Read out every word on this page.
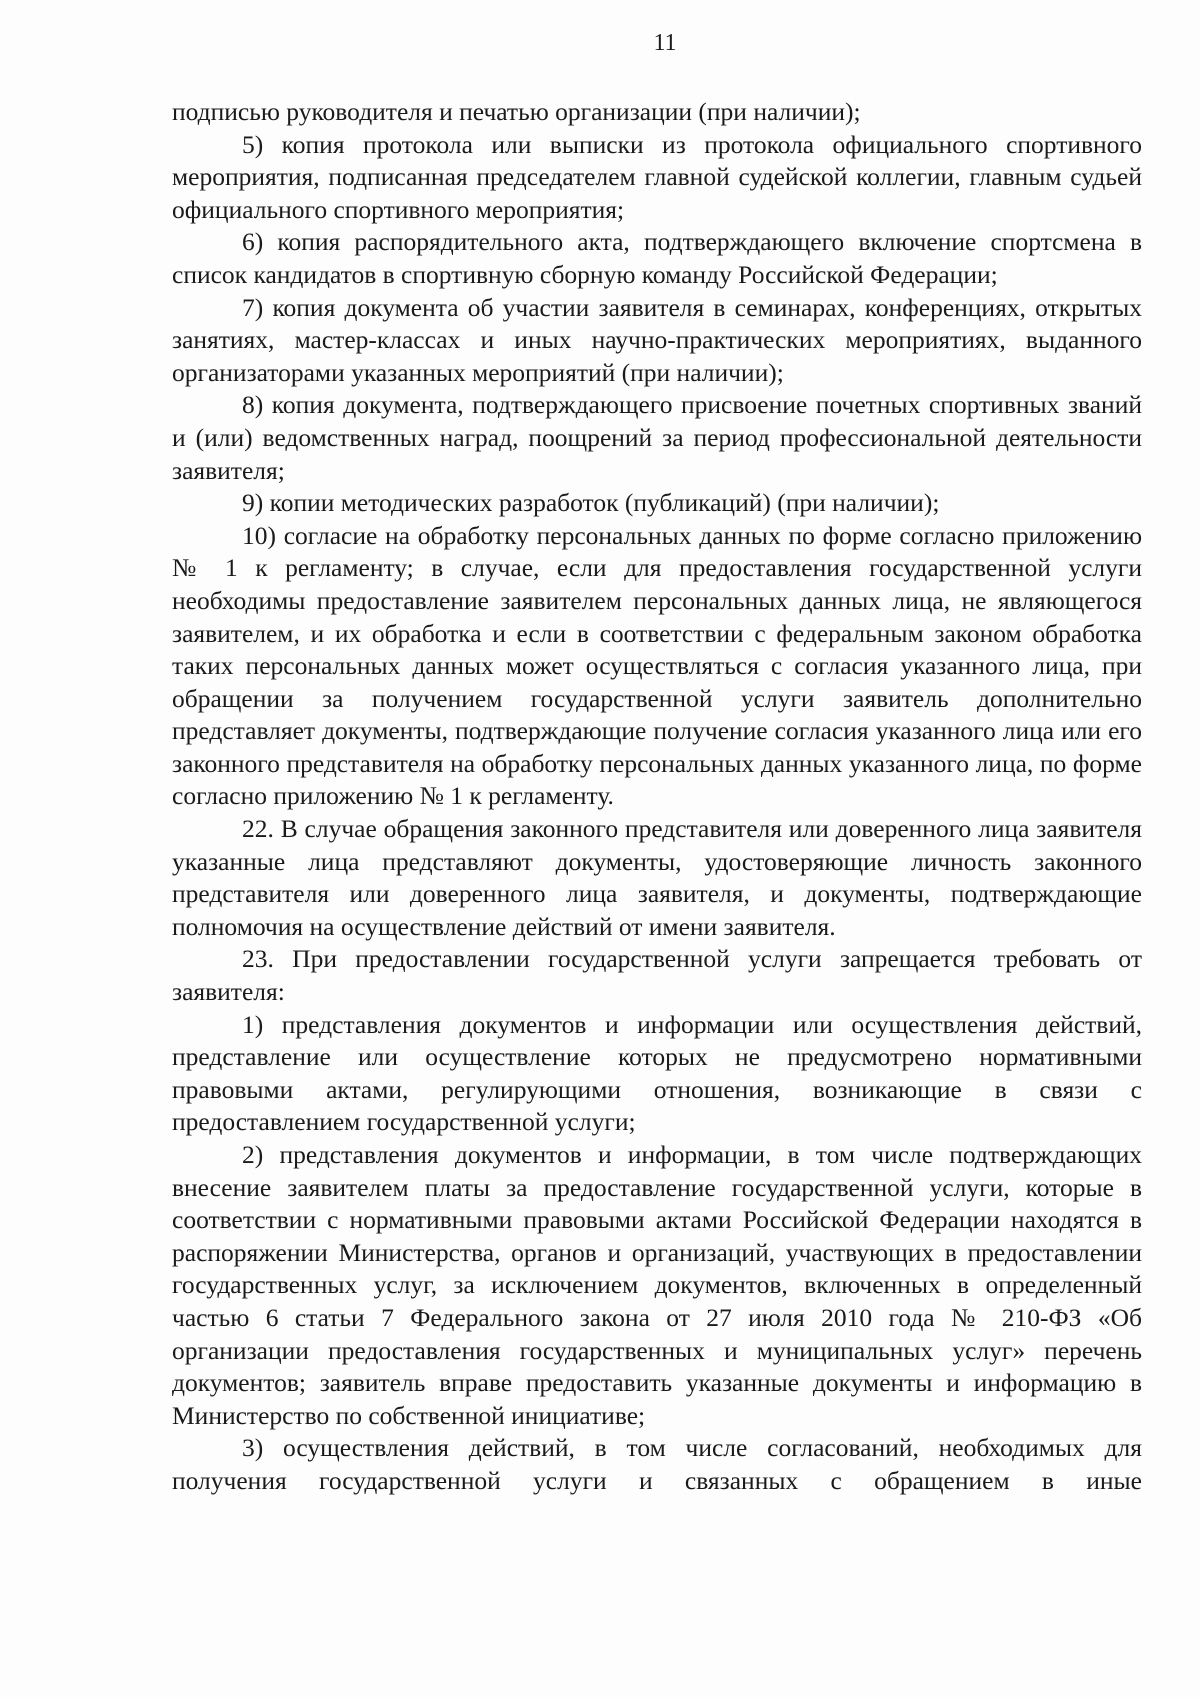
11

подписью руководителя и печатью организации (при наличии);

5) копия протокола или выписки из протокола официального спортивного мероприятия, подписанная председателем главной судейской коллегии, главным судьей официального спортивного мероприятия;

6) копия распорядительного акта, подтверждающего включение спортсмена в список кандидатов в спортивную сборную команду Российской Федерации;

7) копия документа об участии заявителя в семинарах, конференциях, открытых занятиях, мастер-классах и иных научно-практических мероприятиях, выданного организаторами указанных мероприятий (при наличии);

8) копия документа, подтверждающего присвоение почетных спортивных званий и (или) ведомственных наград, поощрений за период профессиональной деятельности заявителя;

9) копии методических разработок (публикаций) (при наличии);

10) согласие на обработку персональных данных по форме согласно приложению № 1 к регламенту; в случае, если для предоставления государственной услуги необходимы предоставление заявителем персональных данных лица, не являющегося заявителем, и их обработка и если в соответствии с федеральным законом обработка таких персональных данных может осуществляться с согласия указанного лица, при обращении за получением государственной услуги заявитель дополнительно представляет документы, подтверждающие получение согласия указанного лица или его законного представителя на обработку персональных данных указанного лица, по форме согласно приложению № 1 к регламенту.

22. В случае обращения законного представителя или доверенного лица заявителя указанные лица представляют документы, удостоверяющие личность законного представителя или доверенного лица заявителя, и документы, подтверждающие полномочия на осуществление действий от имени заявителя.

23. При предоставлении государственной услуги запрещается требовать от заявителя:

1) представления документов и информации или осуществления действий, представление или осуществление которых не предусмотрено нормативными правовыми актами, регулирующими отношения, возникающие в связи с предоставлением государственной услуги;

2) представления документов и информации, в том числе подтверждающих внесение заявителем платы за предоставление государственной услуги, которые в соответствии с нормативными правовыми актами Российской Федерации находятся в распоряжении Министерства, органов и организаций, участвующих в предоставлении государственных услуг, за исключением документов, включенных в определенный частью 6 статьи 7 Федерального закона от 27 июля 2010 года № 210-ФЗ «Об организации предоставления государственных и муниципальных услуг» перечень документов; заявитель вправе предоставить указанные документы и информацию в Министерство по собственной инициативе;

3) осуществления действий, в том числе согласований, необходимых для получения государственной услуги и связанных с обращением в иные
